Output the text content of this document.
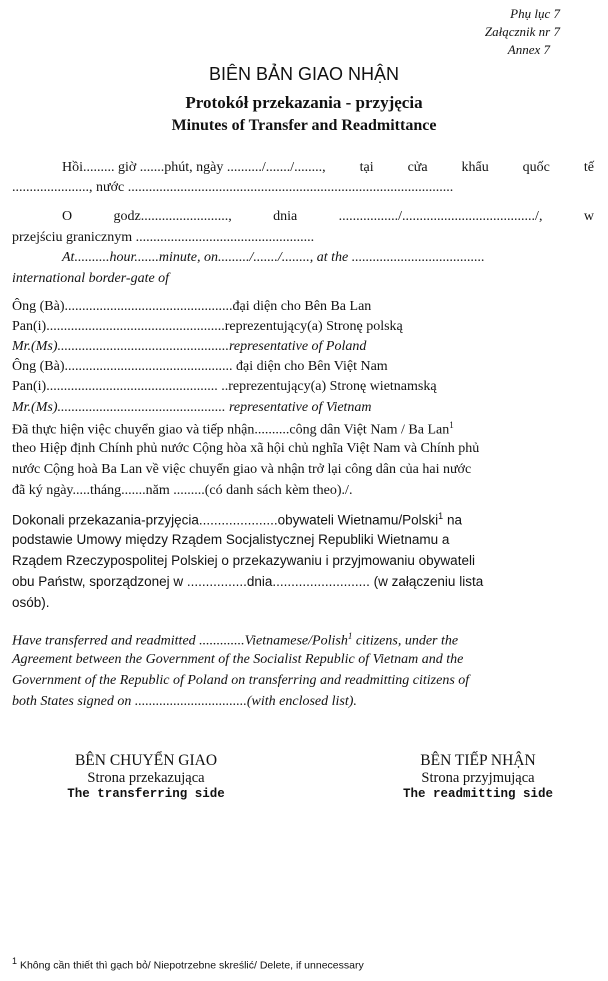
Phụ lục 7
Załącznik nr 7
Annex 7
BIÊN BẢN GIAO NHẬN
Protokół przekazania - przyjęcia
Minutes of Transfer and Readmittance
Hồi......... giờ .......phút, ngày ........../......./........, tại cửa khẩu quốc tế
......................, nước .............................................................................................
O	godz.........................,	dnia	................./....................................../,	w
przejściu granicznym ...................................................
At..........hour.......minute, on........./......./........, at the ......................................
international border-gate of
Ông (Bà)................................................đại diện cho Bên Ba Lan
Pan(i)...................................................reprezentujący(a) Stronę polską
Mr.(Ms).................................................representative of Poland
Ông (Bà)................................................ đại diện cho Bên Việt Nam
Pan(i)................................................. ..reprezentujący(a) Stronę wietnamską
Mr.(Ms)................................................ representative of Vietnam
Đã thực hiện việc chuyển giao và tiếp nhận..........công dân Việt Nam / Ba Lan$^1$
theo Hiệp định Chính phủ nước Cộng hòa xã hội chủ nghĩa Việt Nam và Chính phủ
nước Cộng hoà Ba Lan về việc chuyển giao và nhận trở lại công dân của hai nước
đã ký ngày.....tháng.......năm .........(có danh sách kèm theo)./.
Dokonali przekazania-przyjęcia.....................obywateli Wietnamu/Polski$^1$ na
podstawie Umowy między Rządem Socjalistycznej Republiki Wietnamu a
Rządem Rzeczypospolitej Polskiej o przekazywaniu i przyjmowaniu obywateli
obu Państw, sporządzonej w ................dnia.......................... (w załączeniu lista
osób).
Have transferred and readmitted .............Vietnamese/Polish$^1$ citizens, under the
Agreement between the Government of the Socialist Republic of Vietnam and the
Government of the Republic of Poland on transferring and readmitting citizens of
both States signed on ................................(with enclosed list).
BÊN CHUYỂN GIAO
Strona przekazująca
The transferring side
BÊN TIẾP NHẬN
Strona przyjmująca
The readmitting side
$^1$ Không cần thiết thì gạch bỏ/ Niepotrzebne skreślić/ Delete, if unnecessary
